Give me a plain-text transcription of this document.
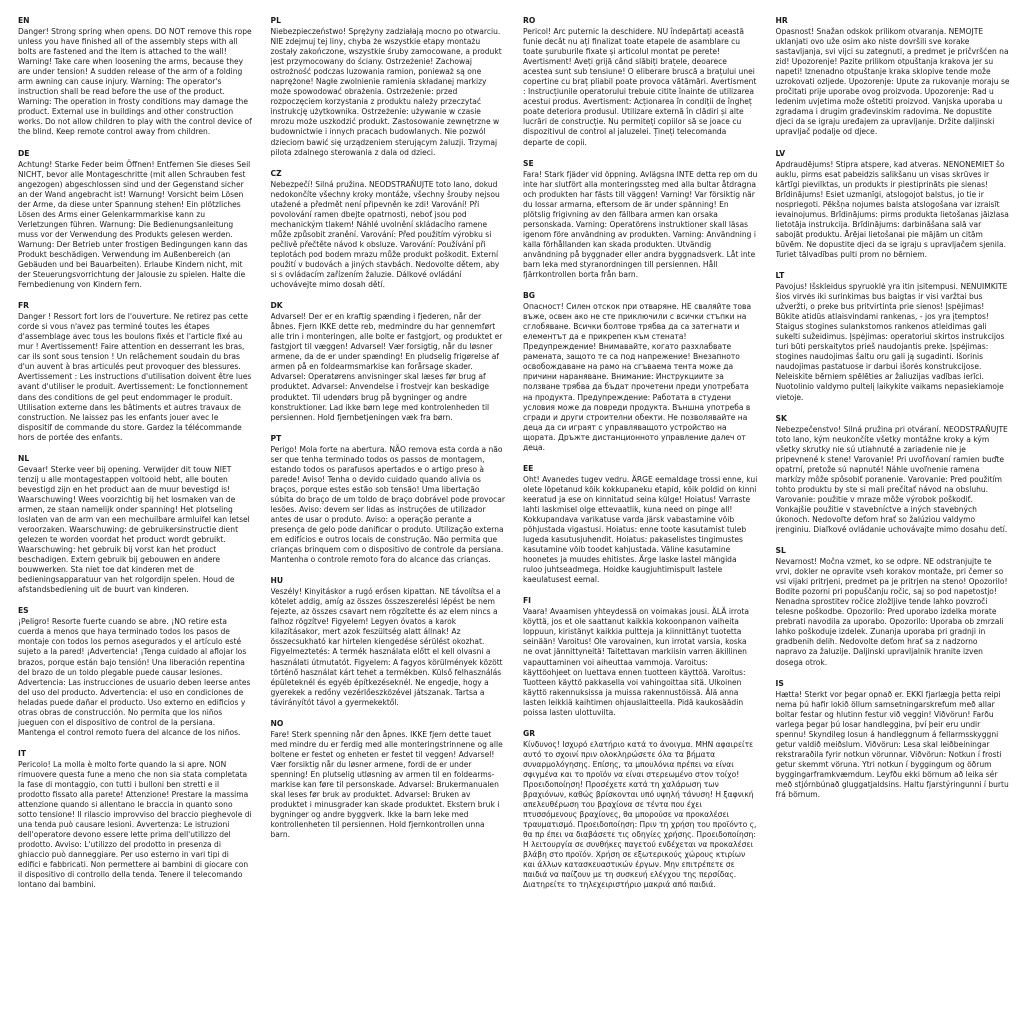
EN
Danger! Strong spring when opens. DO NOT remove this rope unless you have finished all of the assembly steps with all bolts are fastened and the item is attached to the wall! Warning! Take care when loosening the arms, because they are under tension! A sudden release of the arm of a folding arm awning can cause injury. Warning: The operator's instruction shall be read before the use of the product. Warning: The operation in frosty conditions may damage the product. External use in buildings and other construction works. Do not allow children to play with the control device of the blind. Keep remote control away from children.
DE
Achtung! Starke Feder beim Öffnen! Entfernen Sie dieses Seil NICHT, bevor alle Montageschritte (mit allen Schrauben fest angezogen) abgeschlossen sind und der Gegenstand sicher an der Wand angebracht ist! Warnung! Vorsicht beim Lösen der Arme, da diese unter Spannung stehen! Ein plötzliches Lösen des Arms einer Gelenkarmmarkise kann zu Verletzungen führen. Warnung: Die Bedienungsanleitung muss vor der Verwendung des Produkts gelesen werden. Warnung: Der Betrieb unter frostigen Bedingungen kann das Produkt beschädigen. Verwendung im Außenbereich (an Gebäuden und bei Bauarbeiten). Erlaube Kindern nicht, mit der Steuerungsvorrichtung der Jalousie zu spielen. Halte die Fernbedienung von Kindern fern.
FR
Danger ! Ressort fort lors de l'ouverture. Ne retirez pas cette corde si vous n'avez pas terminé toutes les étapes d'assemblage avec tous les boulons fixés et l'article fixé au mur ! Avertissement! Faire attention en desserrant les bras, car ils sont sous tension ! Un relâchement soudain du bras d'un auvent à bras articulés peut provoquer des blessures. Avertissement : Les instructions d'utilisation doivent être lues avant d'utiliser le produit. Avertissement: Le fonctionnement dans des conditions de gel peut endommager le produit. Utilisation externe dans les bâtiments et autres travaux de construction. Ne laissez pas les enfants jouer avec le dispositif de commande du store. Gardez la télécommande hors de portée des enfants.
NL
Gevaar! Sterke veer bij opening. Verwijder dit touw NIET tenzij u alle montagestappen voltooid hebt, alle bouten bevestigd zijn en het product aan de muur bevestigd is! Waarschuwing! Wees voorzichtig bij het losmaken van de armen, ze staan namelijk onder spanning! Het plotseling loslaten van de arm van een mechuilbare armluifel kan letsel veroorzaken. Waarschuwing: de gebruikersinstructie dient gelezen te worden voordat het product wordt gebruikt. Waarschuwing: het gebruik bij vorst kan het product beschadigen. Extern gebruik bij gebouwen en andere bouwwerken. Sta niet toe dat kinderen met de bedieningsapparatuur van het rolgordijn spelen. Houd de afstandsbediening uit de buurt van kinderen.
ES
¡Peligro! Resorte fuerte cuando se abre. ¡NO retire esta cuerda a menos que haya terminado todos los pasos de montaje con todos los pernos asegurados y el artículo esté sujeto a la pared! ¡Advertencia! ¡Tenga cuidado al aflojar los brazos, porque están bajo tensión! Una liberación repentina del brazo de un toldo plegable puede causar lesiones. Advertencia: Las instrucciones de usuario deben leerse antes del uso del producto. Advertencia: el uso en condiciones de heladas puede dañar el producto. Uso externo en edificios y otras obras de construcción. No permita que los niños jueguen con el dispositivo de control de la persiana. Mantenga el control remoto fuera del alcance de los niños.
IT
Pericolo! La molla è molto forte quando la si apre. NON rimuovere questa fune a meno che non sia stata completata la fase di montaggio, con tutti i bulloni ben stretti e il prodotto fissato alla parete! Attenzione! Prestare la massima attenzione quando si allentano le braccia in quanto sono sotto tensione! Il rilascio improvviso del braccio pieghevole di una tenda può causare lesioni. Avvertenza: Le istruzioni dell'operatore devono essere lette prima dell'utilizzo del prodotto. Avviso: L'utilizzo del prodotto in presenza di ghiaccio può danneggiare. Per uso esterno in vari tipi di edifici e fabbricati. Non permettere ai bambini di giocare con il dispositivo di controllo della tenda. Tenere il telecomando lontano dai bambini.
PL
Niebezpieczeństwo! Sprężyny zadziałają mocno po otwarciu. NIE zdejmuj tej liny, chyba że wszystkie etapy montażu zostały zakończone, wszystkie śruby zamocowane, a produkt jest przymocowany do ściany. Ostrzeżenie! Zachowaj ostrożność podczas luzowania ramion, ponieważ są one naprężone! Nagłe zwolnienie ramienia składanej markizy może spowodować obrażenia. Ostrzeżenie: przed rozpoczęciem korzystania z produktu należy przeczytać instrukcję użytkownika. Ostrzeżenie: używanie w czasie mrozu może uszkodzić produkt. Zastosowanie zewnętrzne w budownictwie i innych pracach budowlanych. Nie pozwól dzieciom bawić się urządzeniem sterującym żaluzji. Trzymaj pilota zdalnego sterowania z dala od dzieci.
CZ
Nebezpečí! Silná pružina. NEODSTRAŇUJTE toto lano, dokud nedokončíte všechny kroky montáže, všechny šrouby nejsou utažené a předmět není připevněn ke zdi! Varování! Při povolování ramen dbejte opatrnosti, neboť jsou pod mechanickým tlakem! Náhlé uvolnění skládacího ramene může způsobit zranění. Varování: Před použitím výrobku si pečlivě přečtěte návod k obsluze. Varování: Používání při teplotách pod bodem mrazu může produkt poškodit. Externí použití v budovách a jiných stavbách. Nedovolte dětem, aby si s ovládacím zařízením žaluzie. Dálkové ovládání uchovávejte mimo dosah dětí.
DK
Advarsel! Der er en kraftig spænding i fjederen, når der åbnes. Fjern IKKE dette reb, medmindre du har gennemført alle trin i monteringen, alle bolte er fastgjort, og produktet er fastgjort til væggen! Advarsel! Vær forsigtig, når du løsner armene, da de er under spænding! En pludselig frigørelse af armen på en foldearmsmarkise kan forårsage skader. Advarsel: Operatørens anvisninger skal læses før brug af produktet. Advarsel: Anvendelse i frostvejr kan beskadige produktet. Til udendørs brug på bygninger og andre konstruktioner. Lad ikke børn lege med kontrolenheden til persiennen. Hold fjernbetjeningen væk fra børn.
PT
Perigo! Mola forte na abertura. NÃO remova esta corda a não ser que tenha terminado todos os passos de montagem, estando todos os parafusos apertados e o artigo preso à parede! Aviso! Tenha o devido cuidado quando alivia os braços, porque estes estão sob tensão! Uma libertação súbita do braço de um toldo de braço dobrável pode provocar lesões. Aviso: devem ser lidas as instruções de utilizador antes de usar o produto. Aviso: a operação perante a presença de gelo pode danificar o produto. Utilização externa em edifícios e outros locais de construção. Não permita que crianças brinquem com o dispositivo de controle da persiana. Mantenha o controle remoto fora do alcance das crianças.
HU
Veszély! Kinyitáskor a rugó erősen kipattan. NE távolítsa el a kötelet addig, amíg az összes összeszerelési lépést be nem fejezte, az összes csavart nem rögzítette és az elem nincs a falhoz rögzítve! Figyelem! Legyen óvatos a karok kilazításakor, mert azok feszültség alatt állnak! Az összecsukható kar hirtelen kiengedése sérülést okozhat. Figyelmeztetés: A termék használata előtt el kell olvasni a használati útmutatót. Figyelem: A fagyos körülmények között történő használat kárt tehet a termékben. Külső felhasználás épületeknél és egyéb építkezéseknél. Ne engedje, hogy a gyerekek a redőny vezérlőeszközével játszanak. Tartsa a távirányítót távol a gyermekektől.
NO
Fare! Sterk spenning når den åpnes. IKKE fjern dette tauet med mindre du er ferdig med alle monteringstrinnene og alle boltene er festet og enheten er festet til veggen! Advarsel! Vær forsiktig når du løsner armene, fordi de er under spenning! En plutselig utløsning av armen til en foldearms-markise kan føre til personskade. Advarsel: Brukermanualen skal leses før bruk av produktet. Advarsel: Bruken av produktet i minusgrader kan skade produktet. Ekstern bruk i bygninger og andre byggverk. Ikke la barn leke med kontrollenheten til persiennen. Hold fjernkontrollen unna barn.
RO
Pericol! Arc puternic la deschidere. NU îndepărtați această funie decât nu ați finalizat toate etapele de asamblare cu toate șuruburile fixate și articolul montat pe perete! Avertisment! Aveți grijă când slăbiți brațele, deoarece acestea sunt sub tensiune! O eliberare bruscă a brațului unei copertine cu braț pliabil poate provoca vătămări. Avertisment : Instrucțiunile operatorului trebuie citite înainte de utilizarea acestui produs. Avertisment: Acționarea în condiții de îngheț poate deteriora produsul. Utilizare externă în clădiri și alte lucrări de construcție. Nu permiteți copiilor să se joace cu dispozitivul de control al jaluzelei. Țineți telecomanda departe de copii.
SE
Fara! Stark fjäder vid öppning. Avlägsna INTE detta rep om du inte har slutfört alla monteringssteg med alla bultar åtdragna och produkten har fästs till väggen! Varning! Var försiktig när du lossar armarna, eftersom de är under spänning! En plötslig frigivning av den fällbara armen kan orsaka personskada. Varning: Operatörens instruktioner skall läsas igenom före användning av produkten. Varning: Användning i kalla förhållanden kan skada produkten. Utvändig användning på byggnader eller andra byggnadsverk. Låt inte barn leka med styranordningen till persiennen. Håll fjärrkontrollen borta från barn.
BG
Опасност! Силен отскок при отваряне. НЕ сваляйте това въже, освен ако не сте приключили с всички стъпки на сглобяване. Всички болтове трябва да са затегнати и елементът да е прикрепен към стената! Предупреждение! Внимавайте, когато разхлабвате рамената, защото те са под напрежение! Внезапното освобождаване на рамо на сгъваема тента може да причини нараняване. Внимание: Инструкциите за ползване трябва да бъдат прочетени преди употребата на продукта. Предупреждение: Работата в студени условия може да повреди продукта. Външна употреба в сгради и други строителни обекти. Не позволявайте на деца да си играят с управляващото устройство на щората. Дръжте дистанционното управление далеч от деца.
EE
Oht! Avanedes tugev vedru. ÄRGE eemaldage trossi enne, kui olete lõpetanud kõik kokkupaneku etapid, kõik poldid on kinni keeratud ja ese on kinnitatud seina külge! Hoiatus! Varraste lahti laskmisel olge ettevaatlik, kuna need on pinge all! Kokkupandava varikatuse varda järsk vabastamine võib põhjustada vigastusi. Hoiatus: enne toote kasutamist tuleb lugeda kasutusjuhendit. Hoiatus: pakaselistes tingimustes kasutamine võib toodet kahjustada. Väline kasutamine hoonetes ja muudes ehitistes. Ärge laske lastel mängida ruloo juhtseadmega. Hoidke kaugjuhtimispult lastele kaeulatusest eemal.
FI
Vaara! Avaamisen yhteydessä on voimakas jousi. ÄLÄ irrota köyttä, jos et ole saattanut kaikkia kokoonpanon vaiheita loppuun, kiristänyt kaikkia pultteja ja kiinnittänyt tuotetta seinään! Varoitus! Ole varovainen, kun irrotat varsia, koska ne ovat jännittyneitä! Taitettavan markiisin varren äkillinen vapauttaminen voi aiheuttaa vammoja. Varoitus: käyttöohjeet on luettava ennen tuotteen käyttöä. Varoitus: Tuotteen käyttö pakkasella voi vahingoittaa sitä. Ulkoinen käyttö rakennuksissa ja muissa rakennustöissä. Älä anna lasten leikkiä kaihtimen ohjauslaitteella. Pidä kaukosäädin poissa lasten ulottuvilta.
GR
Κίνδυνος! Ισχυρό ελατήριο κατά το άνοιγμα. ΜΗΝ αφαιρείτε αυτό το σχοινί πριν ολοκληρώσετε όλα τα βήματα συναρμολόγησης. Επίσης, τα μπουλόνια πρέπει να είναι σφιγμένα και το προϊόν να είναι στερεωμένο στον τοίχο! Προειδοποίηση! Προσέχετε κατά τη χαλάρωση των βραχιόνων, καθώς βρίσκονται υπό υψηλή τάνυση! Η ξαφνική απελευθέρωση του βραχίονα σε τέντα που έχει πτυσσόμενους βραχίονες, θα μπορούσε να προκαλέσει τραυματισμό. Προειδοποίηση: Πριν τη χρήση του προϊόντο ς, θα πρ έπει να διαβάσετε τις οδηγίες χρήσης. Προειδοποίηση: Η λειτουργία σε συνθήκες παγετού ενδέχεται να προκαλέσει βλάβη στο προϊόν. Χρήση σε εξωτερικούς χώρους κτιρίων και άλλων κατασκευαστικών έργων. Μην επιτρέπετε σε παιδιά να παίζουν με τη συσκευή ελέγχου της περσίδας. Διατηρείτε το τηλεχειριστήριο μακριά από παιδιά.
HR
Opasnost! Snažan odskok prilikom otvaranja. NEMOJTE uklanjati ovo uže osim ako niste dovršili sve korake sastavljanja, svi vijci su zategnuti, a predmet je pričvršćen na zid! Upozorenje! Pazite prilikom otpuštanja krakova jer su napeti! Iznenadno otpuštanje kraka sklopive tende može uzrokovati ozljede. Upozorenje: Upute za rukovanje moraju se pročitati prije uporabe ovog proizvoda. Upozorenje: Rad u ledenim uvjetima može oštetiti proizvod. Vanjska uporaba u zgradama i drugim građevinskim radovima. Ne dopustite djeci da se igraju uređajem za upravljanje. Držite daljinski upravljač podalje od djece.
LV
Apdraudējums! Stipra atspere, kad atveras. NENONEMIET šo auklu, pirms esat pabeidzis salikšanu un visas skrūves ir kārtīgi pievilktas, un produkts ir piestiprināts pie sienas! Brīdinājums! Esiet uzmanīgi, atslogojot balstus, jo tie ir nospriegoti. Pēkšņa nojumes balsta atslogošana var izraisīt ievainojumus. Brīdinājums: pirms produkta lietošanas jāizlasa lietotāja instrukcija. Brīdinājums: darbināšana salā var sabojāt produktu. Ārējai lietošanai pie mājām un citām būvēm. Ne dopustite djeci da se igraju s upravljačem sjenila. Turiet tālvadības pulti prom no bērniem.
LT
Pavojus! Išskleidus spyruoklė yra itin įsitempusi. NENUIMKITE šios virvės iki surinkimas bus baigtas ir visi varžtai bus užveržti, o preke bus pritvirtinta prie sienos! Įspėjimas! Būkite atidūs atlaisvindami rankenas, - jos yra įtemptos! Staigus stogines sulankstomos rankenos atleidimas gali sukelti sužeidimus. Įspėjimas: operatoriui skirtos instrukcijos turi būti perskaitytos prieš naudojantis preke. Įspėjimas: stogines naudojimas šaltu oru gali ją sugadinti. Išorinis naudojimas pastatuose ir darbui išorės konstrukcijose. Neleiskite bērniem spēlēties ar žaliuzijas vadības ierīci. Nuotolinio valdymo pultelį laikykite vaikams nepasiekiamoje vietoje.
SK
Nebezpečenstvo! Silná pružina pri otváraní. NEODSTRAŇUJTE toto lano, kým neukončíte všetky montážne kroky a kým všetky skrutky nie sú utiahnuté a zariadenie nie je pripevnené k stene! Varovanie! Pri uvoľňovaní ramien buďte opatrní, pretože sú napnuté! Náhle uvoľnenie ramena markízy môže spôsobiť poranenie. Varovanie: Pred použitím tohto produktu by ste si mali prečítať návod na obsluhu. Varovanie: použitie v mraze môže výrobok poškodiť. Vonkajšie použitie v stavebníctve a iných stavebných úkonoch. Nedovoľte deťom hrať so žalúziou valdymo įrenginiu. Diaľkové ovládanie uchovávajte mimo dosahu detí.
SL
Nevarnost! Močna vzmet, ko se odpre. NE odstranjujte te vrvi, dokler ne opravite vseh korakov montaže, pri čemer so vsi vijaki pritrjeni, predmet pa je pritrjen na steno! Opozorilo! Bodite pozorni pri popuščanju ročic, saj so pod napetostjo! Nenadna sprostitev ročice zložljive tende lahko povzroči telesne poškodbe. Opozorilo: Pred uporabo izdelka morate prebrati navodila za uporabo. Opozorilo: Uporaba ob zmrzali lahko poškoduje izdelek. Zunanja uporaba pri gradnji in gradbenih delih. Nedovolte deťom hrať sa z nadzorno napravo za žaluzije. Daljinski upravljalnik hranite izven dosega otrok.
IS
Hætta! Sterkt vor þegar opnað er. EKKI fjarlægja þetta reipi nema þú hafir lokið öllum samsetningarskrefum með allar boltar festar og hlutinn festur við veggin! Viðvörun! Farðu varlega þegar þú losar handleggina, því þeir eru undir spennu! Skyndileg losun á handleggnum á fellarmsskyggni getur valdið meiðslum. Viðvörun: Lesa skal leiðbeiningar rekstraraðila fyrir notkun vörunnar. Viðvörun: Notkun í frosti getur skemmt vöruna. Ytri notkun í byggingum og öðrum byggingarframkvæmdum. Leyfðu ekki börnum að leika sér með stjórnbúnað gluggatjaldsins. Haltu fjarstýringunni í burtu frá börnum.
